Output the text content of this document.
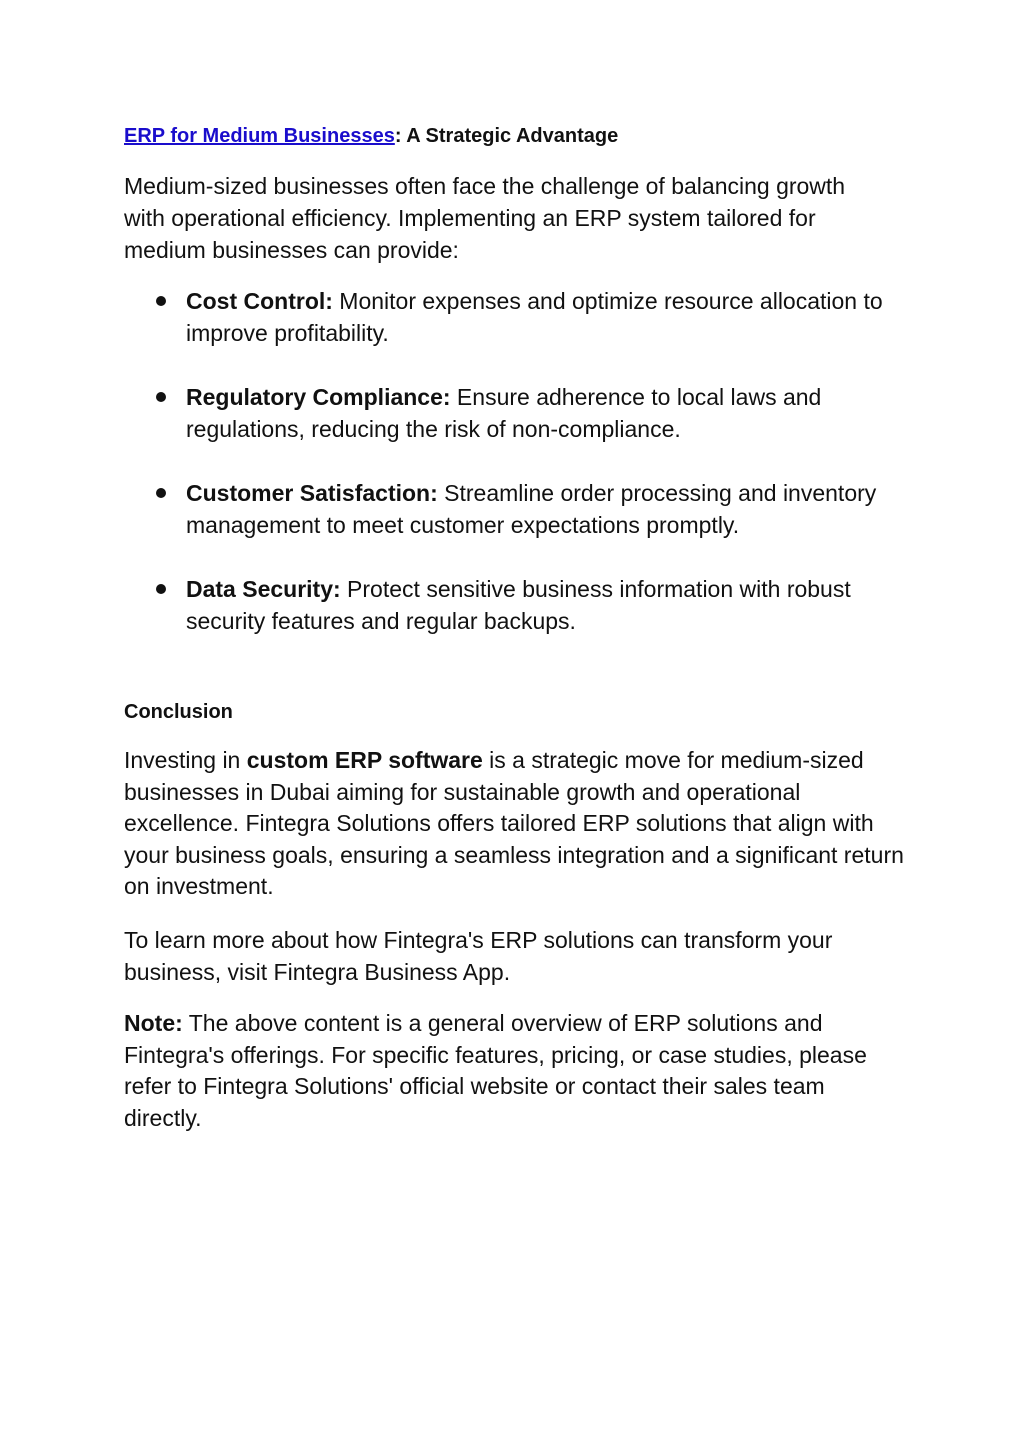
ERP for Medium Businesses: A Strategic Advantage

Medium-sized businesses often face the challenge of balancing growth with operational efficiency. Implementing an ERP system tailored for medium businesses can provide:

Cost Control: Monitor expenses and optimize resource allocation to improve profitability.
Regulatory Compliance: Ensure adherence to local laws and regulations, reducing the risk of non-compliance.
Customer Satisfaction: Streamline order processing and inventory management to meet customer expectations promptly.
Data Security: Protect sensitive business information with robust security features and regular backups.
Conclusion

Investing in custom ERP software is a strategic move for medium-sized businesses in Dubai aiming for sustainable growth and operational excellence. Fintegra Solutions offers tailored ERP solutions that align with your business goals, ensuring a seamless integration and a significant return on investment.

To learn more about how Fintegra's ERP solutions can transform your business, visit Fintegra Business App.

Note: The above content is a general overview of ERP solutions and Fintegra's offerings. For specific features, pricing, or case studies, please refer to Fintegra Solutions' official website or contact their sales team directly.
